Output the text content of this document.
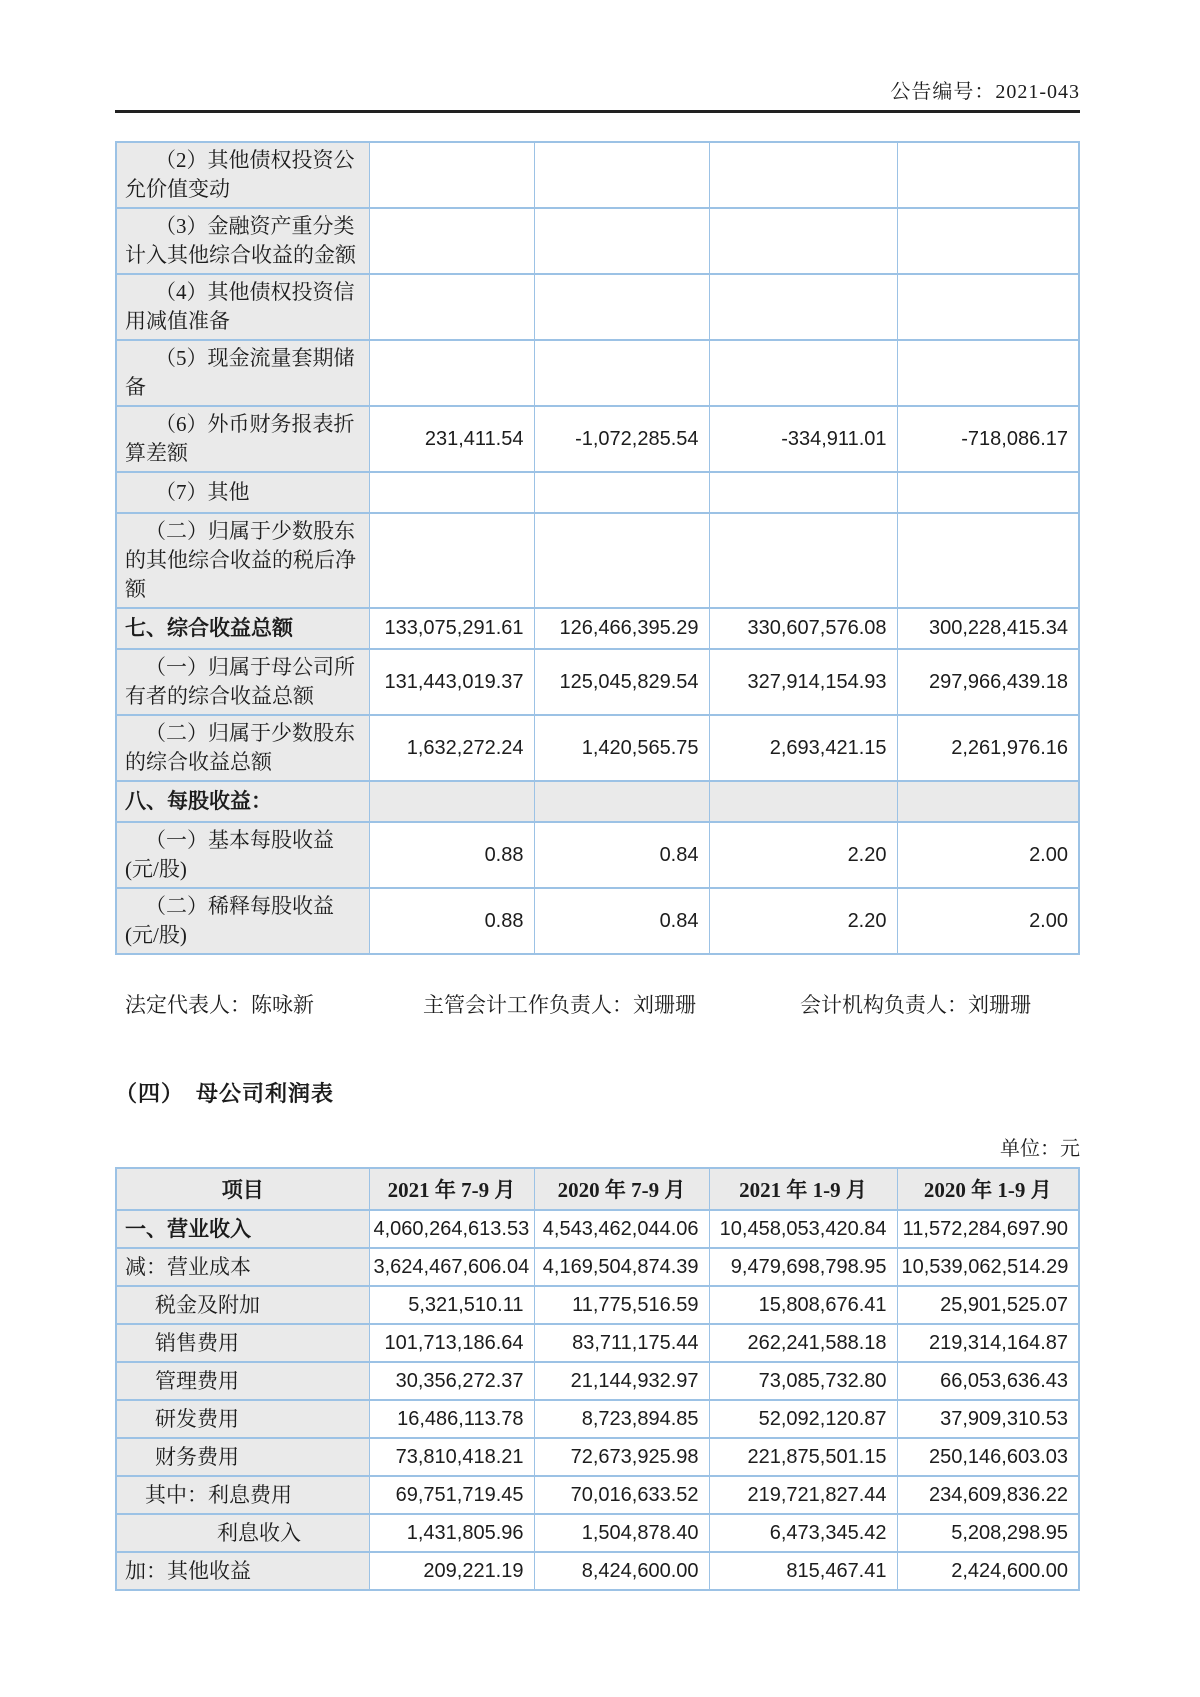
公告编号：2021-043
（2）其他债权投资公允价值变动				
（3）金融资产重分类计入其他综合收益的金额				
（4）其他债权投资信用减值准备				
（5）现金流量套期储备				
（6）外币财务报表折算差额	231,411.54	-1,072,285.54	-334,911.01	-718,086.17
（7）其他				
（二）归属于少数股东的其他综合收益的税后净额				
七、综合收益总额	133,075,291.61	126,466,395.29	330,607,576.08	300,228,415.34
（一）归属于母公司所有者的综合收益总额	131,443,019.37	125,045,829.54	327,914,154.93	297,966,439.18
（二）归属于少数股东的综合收益总额	1,632,272.24	1,420,565.75	2,693,421.15	2,261,976.16
八、每股收益：				
（一）基本每股收益(元/股)	0.88	0.84	2.20	2.00
（二）稀释每股收益(元/股)	0.88	0.84	2.20	2.00
法定代表人：陈咏新	主管会计工作负责人：刘珊珊	会计机构负责人：刘珊珊
（四）　母公司利润表
单位：元
项目	2021 年 7-9 月	2020 年 7-9 月	2021 年 1-9 月	2020 年 1-9 月
一、营业收入	4,060,264,613.53	4,543,462,044.06	10,458,053,420.84	11,572,284,697.90
减：营业成本	3,624,467,606.04	4,169,504,874.39	9,479,698,798.95	10,539,062,514.29
税金及附加	5,321,510.11	11,775,516.59	15,808,676.41	25,901,525.07
销售费用	101,713,186.64	83,711,175.44	262,241,588.18	219,314,164.87
管理费用	30,356,272.37	21,144,932.97	73,085,732.80	66,053,636.43
研发费用	16,486,113.78	8,723,894.85	52,092,120.87	37,909,310.53
财务费用	73,810,418.21	72,673,925.98	221,875,501.15	250,146,603.03
其中：利息费用	69,751,719.45	70,016,633.52	219,721,827.44	234,609,836.22
利息收入	1,431,805.96	1,504,878.40	6,473,345.42	5,208,298.95
加：其他收益	209,221.19	8,424,600.00	815,467.41	2,424,600.00
